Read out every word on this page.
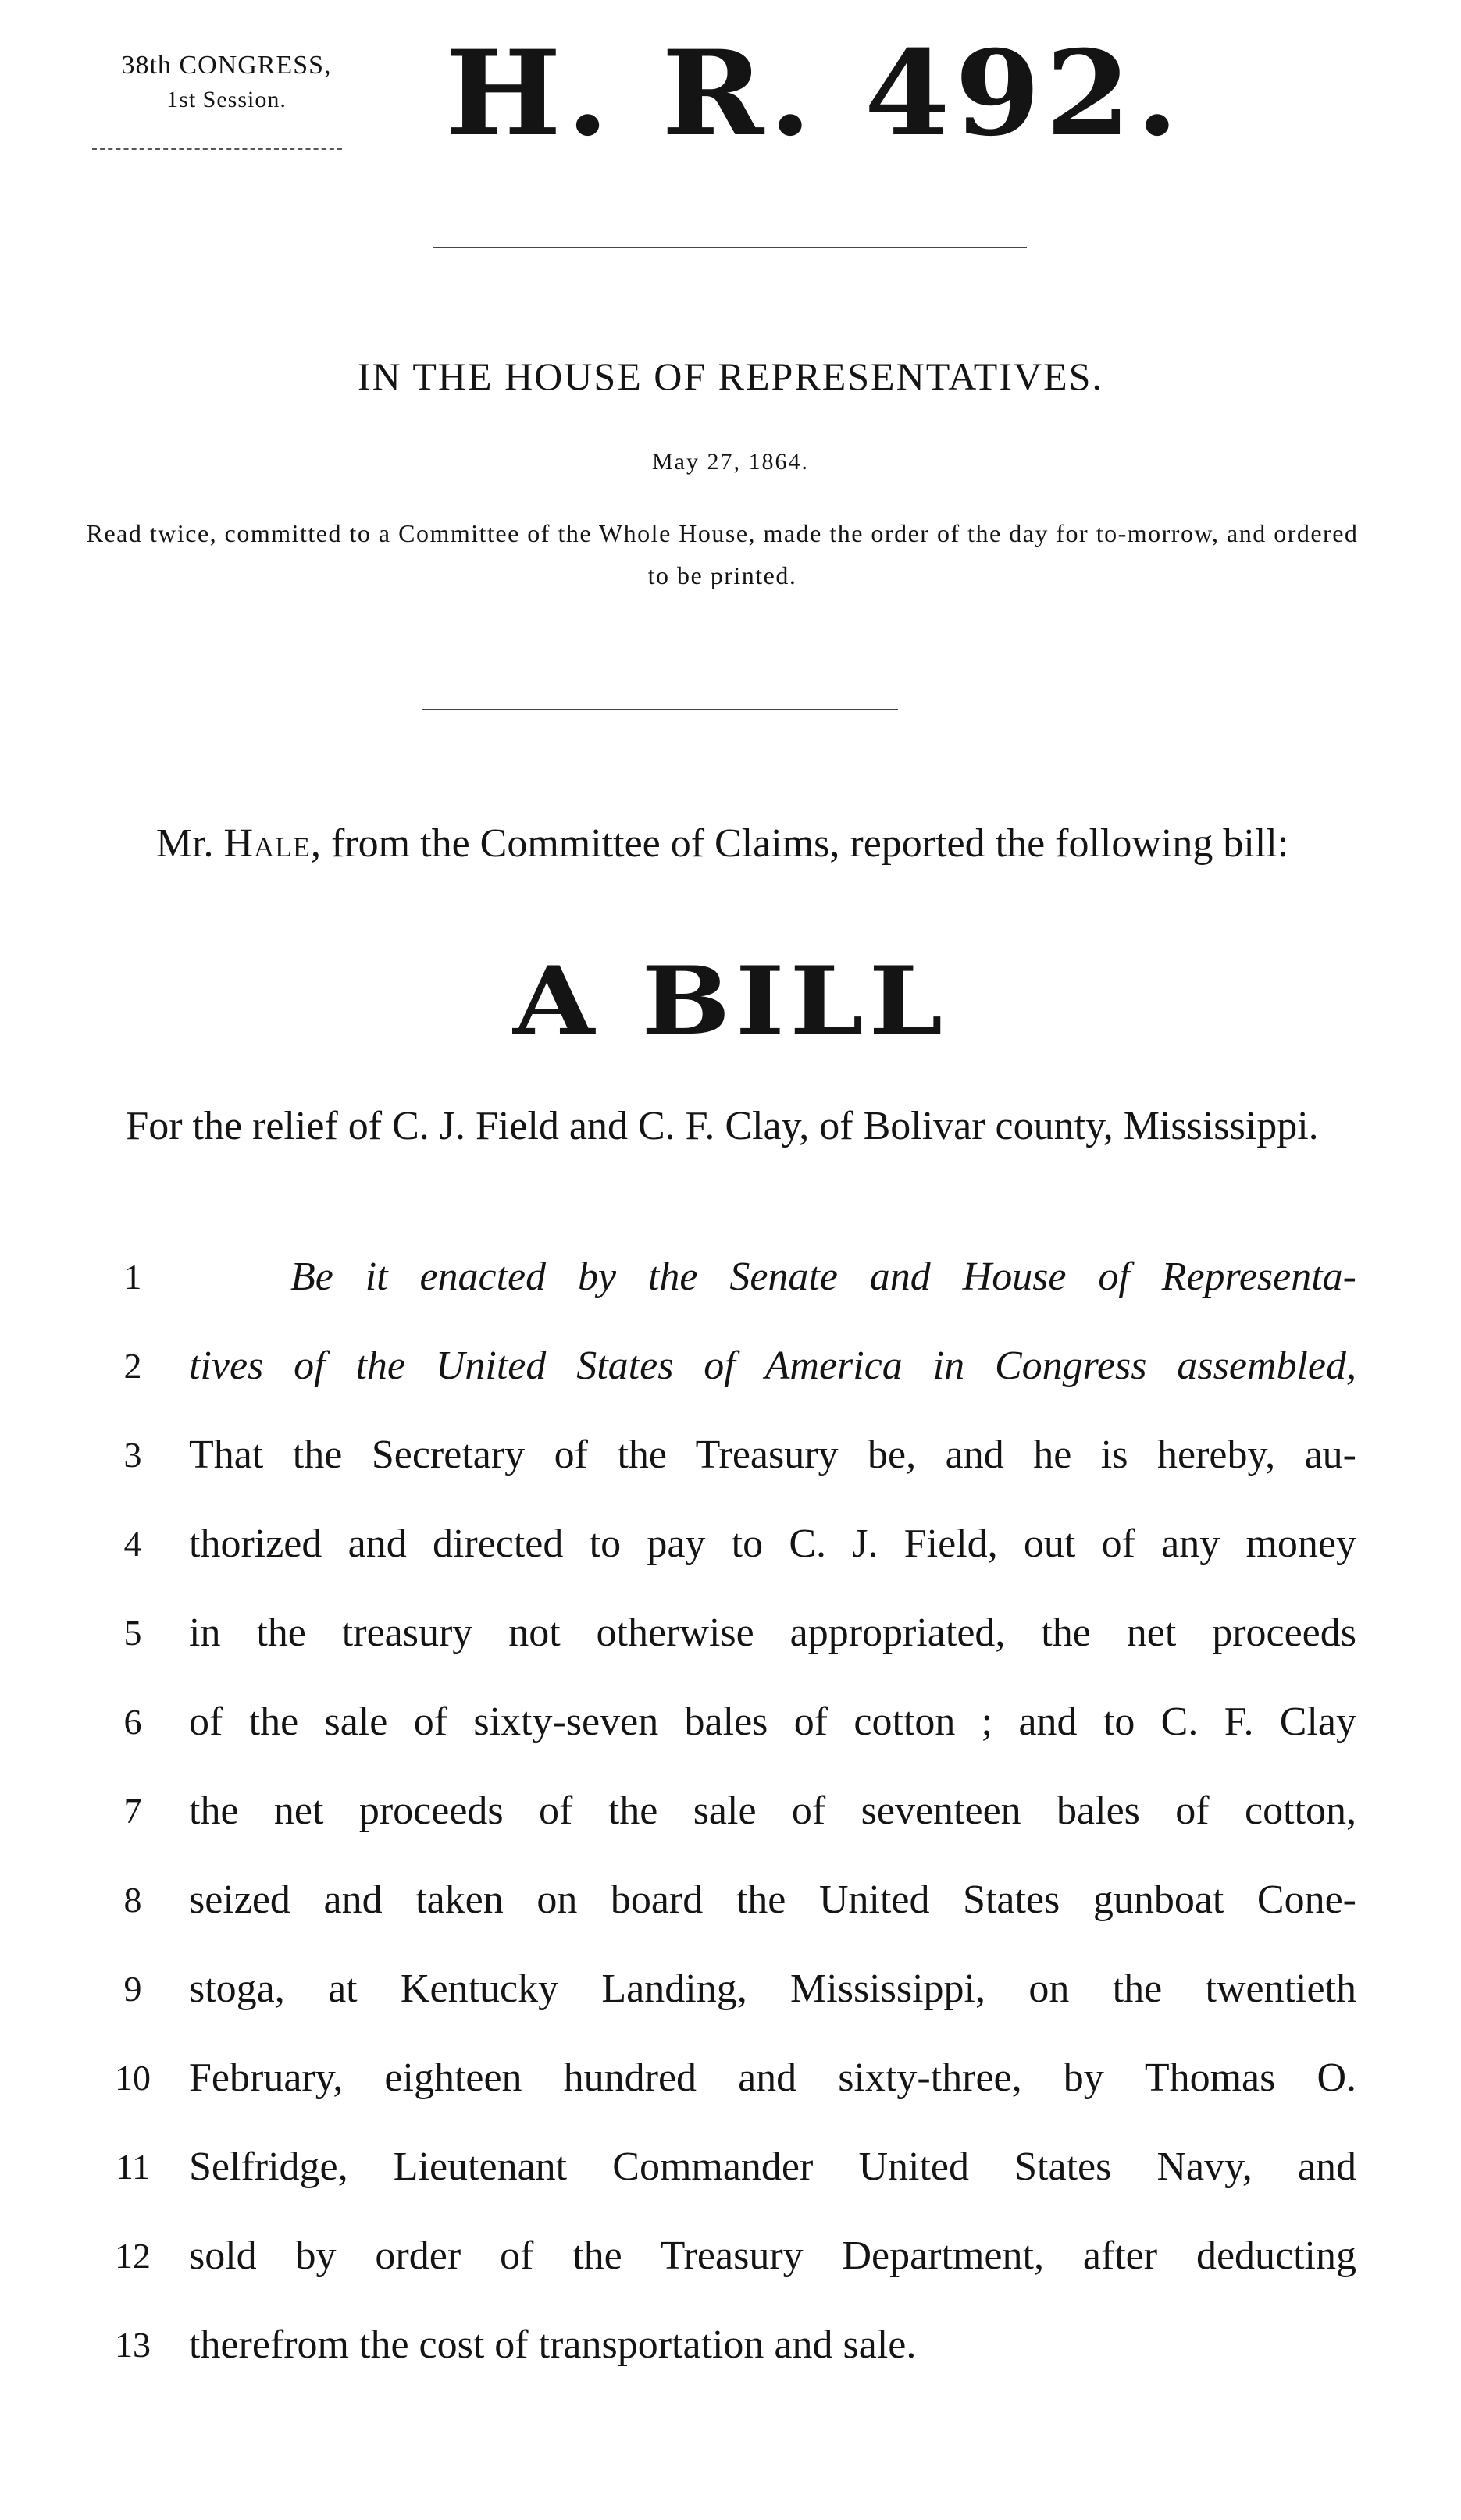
38th CONGRESS,
1st Session.	H. R. 492.
IN THE HOUSE OF REPRESENTATIVES.
May 27, 1864.
Read twice, committed to a Committee of the Whole House, made the order of the day for to-morrow, and ordered to be printed.
Mr. Hale, from the Committee of Claims, reported the following bill:
A BILL
For the relief of C. J. Field and C. F. Clay, of Bolivar county, Mississippi.
1	Be it enacted by the Senate and House of Representa-
2	tives of the United States of America in Congress assembled,
3	That the Secretary of the Treasury be, and he is hereby, au-
4	thorized and directed to pay to C. J. Field, out of any money
5	in the treasury not otherwise appropriated, the net proceeds
6	of the sale of sixty-seven bales of cotton ; and to C. F. Clay
7	the net proceeds of the sale of seventeen bales of cotton,
8	seized and taken on board the United States gunboat Cone-
9	stoga, at Kentucky Landing, Mississippi, on the twentieth
10 February, eighteen hundred and sixty-three, by Thomas O.
11 Selfridge, Lieutenant Commander United States Navy, and
12 sold by order of the Treasury Department, after deducting
13 therefrom the cost of transportation and sale.
